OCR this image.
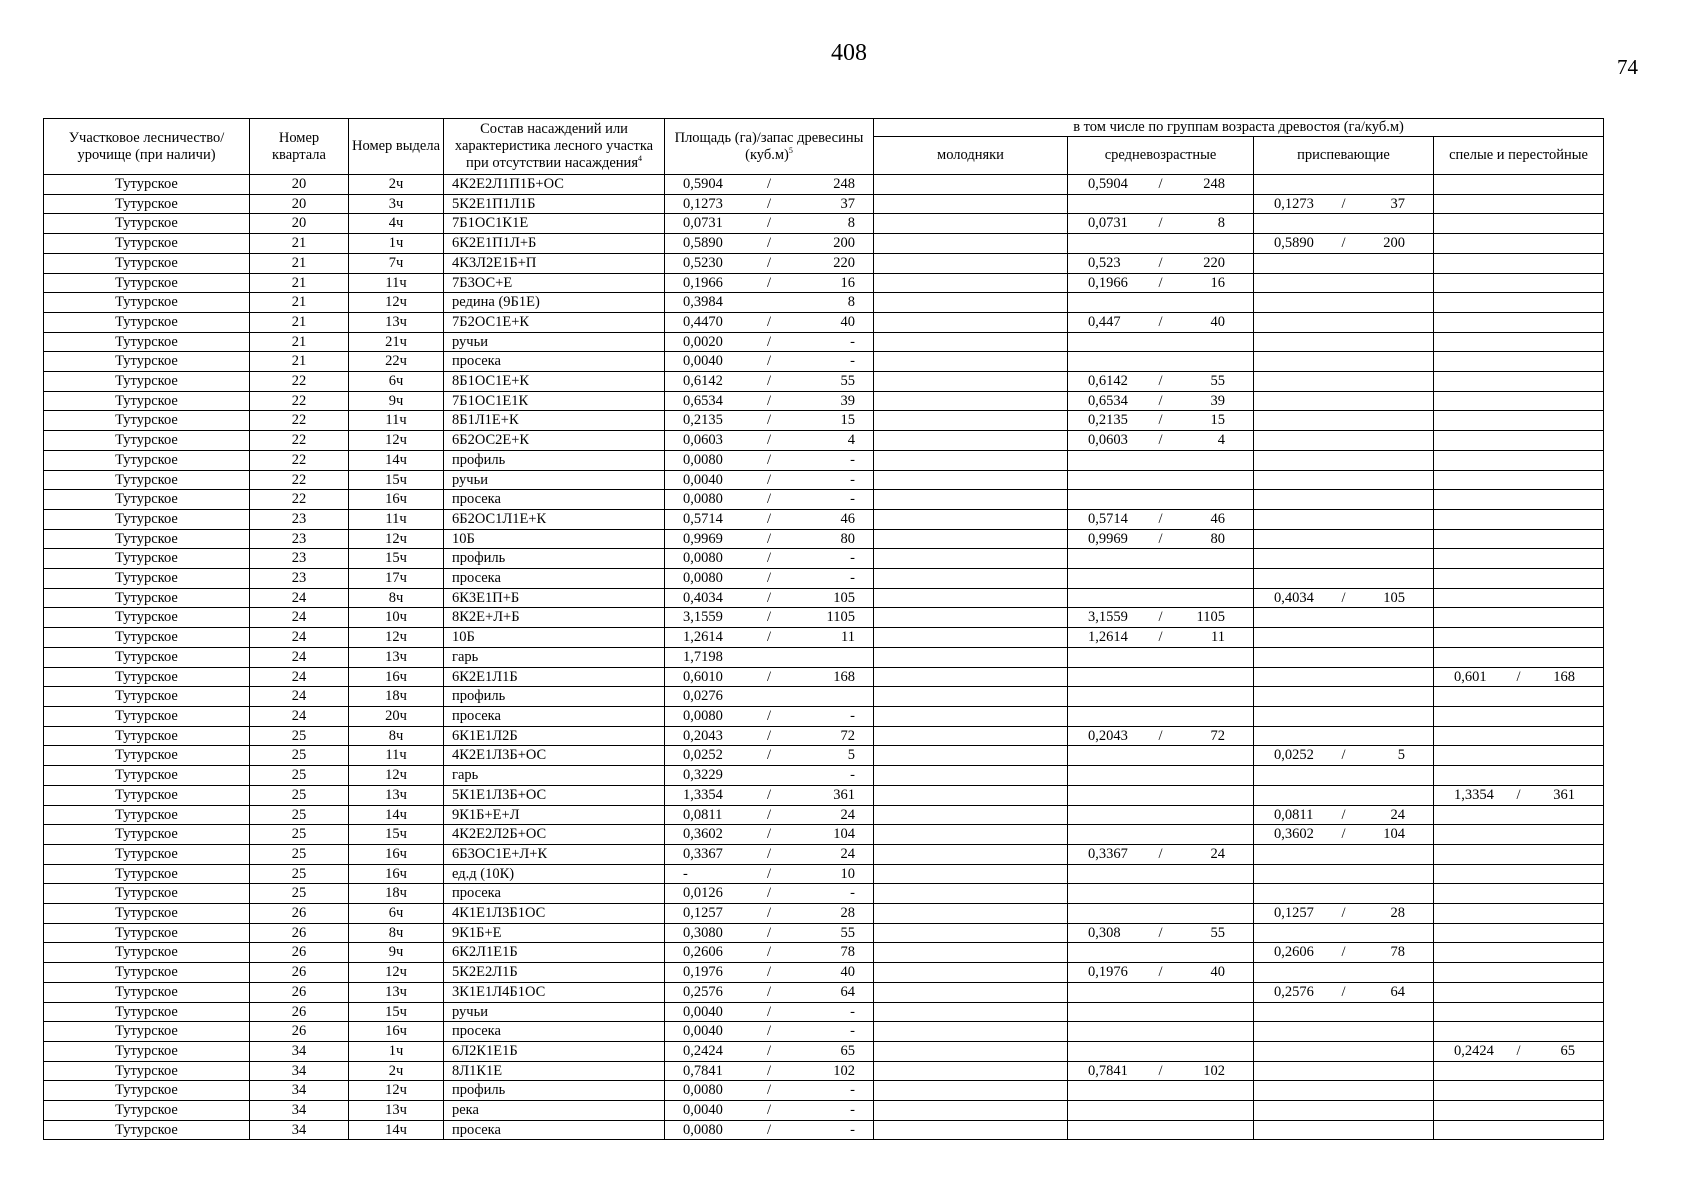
408
74
Участковое лесничество/ урочище (при наличи)	Номер квартала	Номер выдела	Состав насаждений или характеристика лесного участка при отсутствии насаждения$^4$	Площадь (га)/запас древесины $(куб.м)^5$	в том числе по группам возраста древостоя (га/куб.м)			
					молодняки	средневозрастные	приспевающие	спелые и перестойные
Тутурское	20	2ч	4К2Е2Л1П1Б+ОС	0,5904 / 248		0,5904 / 248		

Тутурское	20	3ч	5К2Е1П1Л1Б	0,1273 / 37			0,1273 / 37	

Тутурское	20	4ч	7Б1ОС1К1Е	0,0731 / 8		0,0731 / 8		

Тутурское	21	1ч	6К2Е1П1Л+Б	0,5890 / 200			0,5890 / 200	

Тутурское	21	7ч	4К3Л2Е1Б+П	0,5230 / 220		0,523 / 220		

Тутурское	21	11ч	7Б3ОС+Е	0,1966 / 16		0,1966 / 16		

Тутурское	21	12ч	редина (9Б1Е)	0,3984 8				

Тутурское	21	13ч	7Б2ОС1Е+К	0,4470 / 40		0,447 / 40		

Тутурское	21	21ч	ручьи	0,0020 / -				

Тутурское	21	22ч	просека	0,0040 / -				

Тутурское	22	6ч	8Б1ОС1Е+К	0,6142 / 55		0,6142 / 55		

Тутурское	22	9ч	7Б1ОС1Е1К	0,6534 / 39		0,6534 / 39		

Тутурское	22	11ч	8Б1Л1Е+К	0,2135 / 15		0,2135 / 15		

Тутурское	22	12ч	6Б2ОС2Е+К	0,0603 / 4		0,0603 / 4		

Тутурское	22	14ч	профиль	0,0080 / -				

Тутурское	22	15ч	ручьи	0,0040 / -				

Тутурское	22	16ч	просека	0,0080 / -				

Тутурское	23	11ч	6Б2ОС1Л1Е+К	0,5714 / 46		0,5714 / 46		

Тутурское	23	12ч	10Б	0,9969 / 80		0,9969 / 80		

Тутурское	23	15ч	профиль	0,0080 / -				

Тутурское	23	17ч	просека	0,0080 / -				

Тутурское	24	8ч	6К3Е1П+Б	0,4034 / 105			0,4034 / 105	

Тутурское	24	10ч	8К2Е+Л+Б	3,1559 / 1105		3,1559 / 1105		

Тутурское	24	12ч	10Б	1,2614 / 11		1,2614 / 11		

Тутурское	24	13ч	гарь	1,7198				

Тутурское	24	16ч	6К2Е1Л1Б	0,6010 / 168				0,601 / 168

Тутурское	24	18ч	профиль	0,0276				

Тутурское	24	20ч	просека	0,0080 / -				

Тутурское	25	8ч	6К1Е1Л2Б	0,2043 / 72		0,2043 / 72		

Тутурское	25	11ч	4К2Е1Л3Б+ОС	0,0252 / 5			0,0252 / 5	

Тутурское	25	12ч	гарь	0,3229 -				

Тутурское	25	13ч	5К1Е1Л3Б+ОС	1,3354 / 361				1,3354 / 361

Тутурское	25	14ч	9К1Б+Е+Л	0,0811 / 24			0,0811 / 24	

Тутурское	25	15ч	4К2Е2Л2Б+ОС	0,3602 / 104			0,3602 / 104	

Тутурское	25	16ч	6Б3ОС1Е+Л+К	0,3367 / 24		0,3367 / 24		

Тутурское	25	16ч	ед.д (10К)	- / 10				

Тутурское	25	18ч	просека	0,0126 / -				

Тутурское	26	6ч	4К1Е1Л3Б1ОС	0,1257 / 28			0,1257 / 28	

Тутурское	26	8ч	9К1Б+Е	0,3080 / 55		0,308 / 55		

Тутурское	26	9ч	6К2Л1Е1Б	0,2606 / 78			0,2606 / 78	

Тутурское	26	12ч	5К2Е2Л1Б	0,1976 / 40		0,1976 / 40		

Тутурское	26	13ч	3К1Е1Л4Б1ОС	0,2576 / 64			0,2576 / 64	

Тутурское	26	15ч	ручьи	0,0040 / -				

Тутурское	26	16ч	просека	0,0040 / -				

Тутурское	34	1ч	6Л2К1Е1Б	0,2424 / 65				0,2424 / 65

Тутурское	34	2ч	8Л1К1Е	0,7841 / 102		0,7841 / 102		

Тутурское	34	12ч	профиль	0,0080 / -				

Тутурское	34	13ч	река	0,0040 / -				

Тутурское	34	14ч	просека	0,0080 / -				
